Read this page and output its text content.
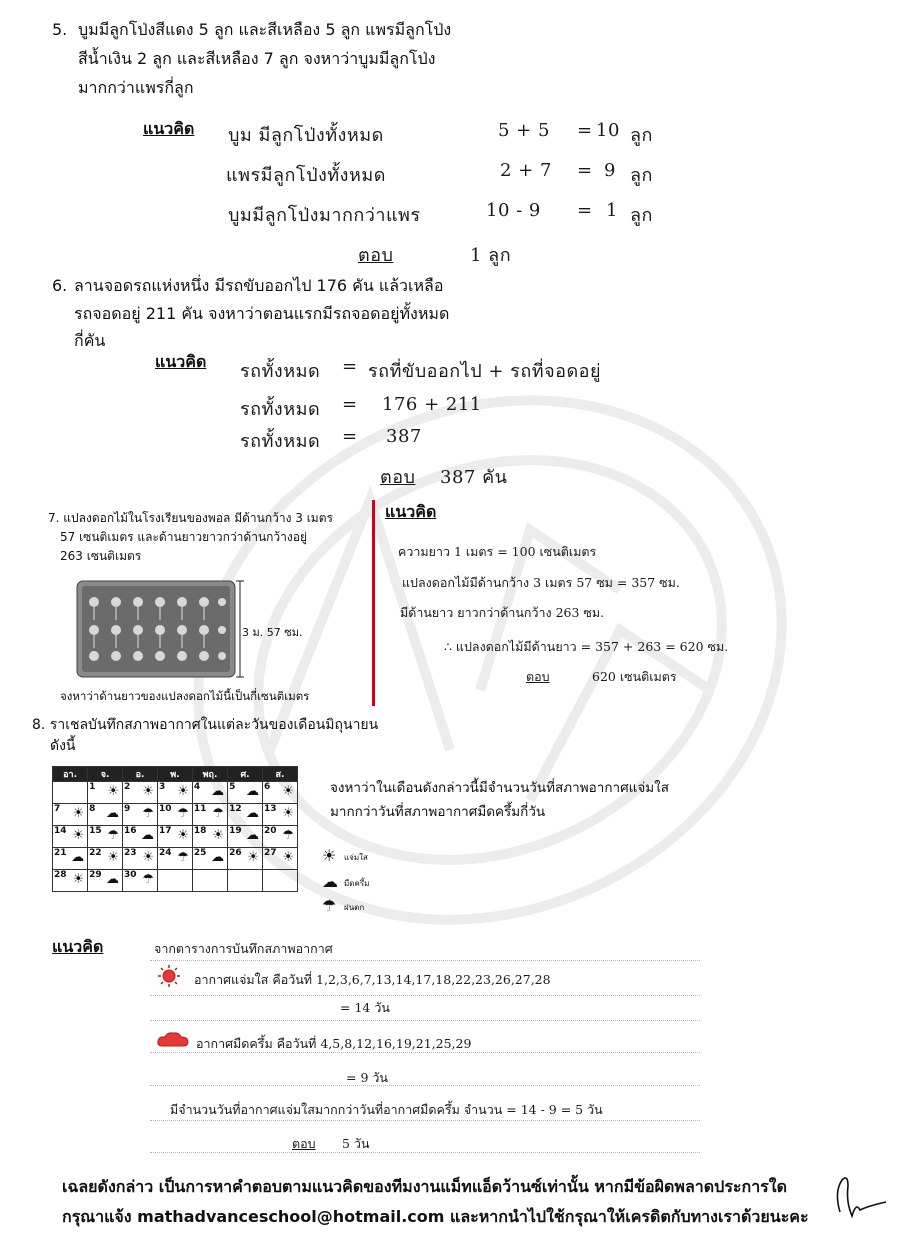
5. บูมมีลูกโป่งสีแดง 5 ลูก และสีเหลือง 5 ลูก แพรมีลูกโป่ง
สีน้ำเงิน 2 ลูก และสีเหลือง 7 ลูก จงหาว่าบูมมีลูกโป่ง
มากกว่าแพรกี่ลูก
แนวคิด บูม มีลูกโป่งทั้งหมด	5 + 5 = 10 ลูก
แพรมีลูกโป่งทั้งหมด	2 + 7 = 9 ลูก
บูมมีลูกโป่งมากกว่าแพร	10 - 9 = 1 ลูก
ตอบ	1 ลูก
6. ลานจอดรถแห่งหนึ่ง มีรถขับออกไป 176 คัน แล้วเหลือ
รถจอดอยู่ 211 คัน จงหาว่าตอนแรกมีรถจอดอยู่ทั้งหมด
กี่คัน
แนวคิด รถทั้งหมด = รถที่ขับออกไป + รถที่จอดอยู่
รถทั้งหมด = 176 + 211
รถทั้งหมด = 387
ตอบ 387 คัน
7. แปลงดอกไม้ในโรงเรียนของพอล มีด้านกว้าง 3 เมตร
57 เซนติเมตร และด้านยาวยาวกว่าด้านกว้างอยู่
263 เซนติเมตร
3 ม. 57 ซม.
จงหาว่าด้านยาวของแปลงดอกไม้นี้เป็นกี่เซนติเมตร
แนวคิด
ความยาว 1 เมตร = 100 เซนติเมตร
แปลงดอกไม้มีด้านกว้าง 3 เมตร 57 ซม = 357 ซม.
มีด้านยาว ยาวกว่าด้านกว้าง 263 ซม.
∴ แปลงดอกไม้มีด้านยาว = 357 + 263 = 620 ซม.
ตอบ	620 เซนติเมตร
8. ราเชลบันทึกสภาพอากาศในแต่ละวันของเดือนมิถุนายน
ดังนี้
อา.	จ.	อ.	พ.	พฤ.	ศ.	ส.

	1 ☀	2 ☀	3 ☀	4 ☁	5 ☁	6 ☀

7 ☀	8 ☁	9 ☂	10 ☂	11 ☂	12 ☁	13 ☀

14 ☀	15 ☂	16 ☁	17 ☀	18 ☀	19 ☁	20 ☂

21 ☁	22 ☀	23 ☀	24 ☂	25 ☁	26 ☀	27 ☀

28 ☀	29 ☁	30 ☂				

☀ แจ่มใส
☁ มืดครึ้ม
☂ ฝนตก
จงหาว่าในเดือนดังกล่าวนี้มีจำนวนวันที่สภาพอากาศแจ่มใส
มากกว่าวันที่สภาพอากาศมืดครึ้มกี่วัน
แนวคิด	จากตารางการบันทึกสภาพอากาศ
อากาศแจ่มใส คือวันที่ 1,2,3,6,7,13,14,17,18,22,23,26,27,28
= 14 วัน
อากาศมืดครึ้ม คือวันที่ 4,5,8,12,16,19,21,25,29
= 9 วัน
มีจำนวนวันที่อากาศแจ่มใสมากกว่าวันที่อากาศมืดครึ้ม จำนวน = 14 - 9 = 5 วัน
ตอบ 5 วัน
เฉลยดังกล่าว เป็นการหาคำตอบตามแนวคิดของทีมงานแม็ทแอ็ดว้านซ์เท่านั้น หากมีข้อผิดพลาดประการใด
กรุณาแจ้ง mathadvanceschool@hotmail.com และหากนำไปใช้กรุณาให้เครดิตกับทางเราด้วยนะคะ
